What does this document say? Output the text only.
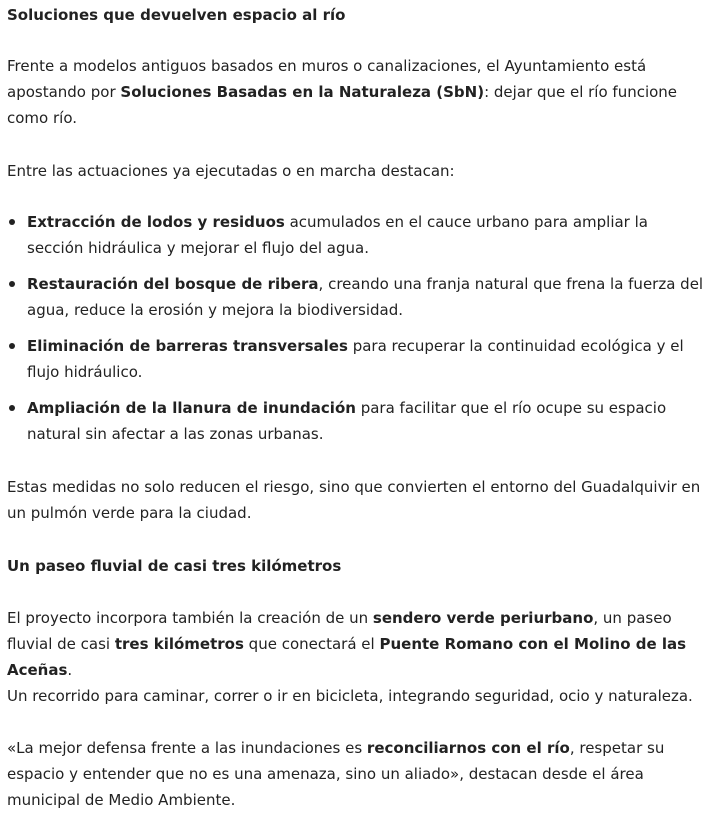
Soluciones que devuelven espacio al río

Frente a modelos antiguos basados en muros o canalizaciones, el Ayuntamiento está apostando por Soluciones Basadas en la Naturaleza (SbN): dejar que el río funcione como río.

Entre las actuaciones ya ejecutadas o en marcha destacan:

Extracción de lodos y residuos acumulados en el cauce urbano para ampliar la sección hidráulica y mejorar el flujo del agua.
Restauración del bosque de ribera, creando una franja natural que frena la fuerza del agua, reduce la erosión y mejora la biodiversidad.
Eliminación de barreras transversales para recuperar la continuidad ecológica y el flujo hidráulico.
Ampliación de la llanura de inundación para facilitar que el río ocupe su espacio natural sin afectar a las zonas urbanas.

Estas medidas no solo reducen el riesgo, sino que convierten el entorno del Guadalquivir en un pulmón verde para la ciudad.

Un paseo fluvial de casi tres kilómetros

El proyecto incorpora también la creación de un sendero verde periurbano, un paseo fluvial de casi tres kilómetros que conectará el Puente Romano con el Molino de las Aceñas.
Un recorrido para caminar, correr o ir en bicicleta, integrando seguridad, ocio y naturaleza.

«La mejor defensa frente a las inundaciones es reconciliarnos con el río, respetar su espacio y entender que no es una amenaza, sino un aliado», destacan desde el área municipal de Medio Ambiente.
